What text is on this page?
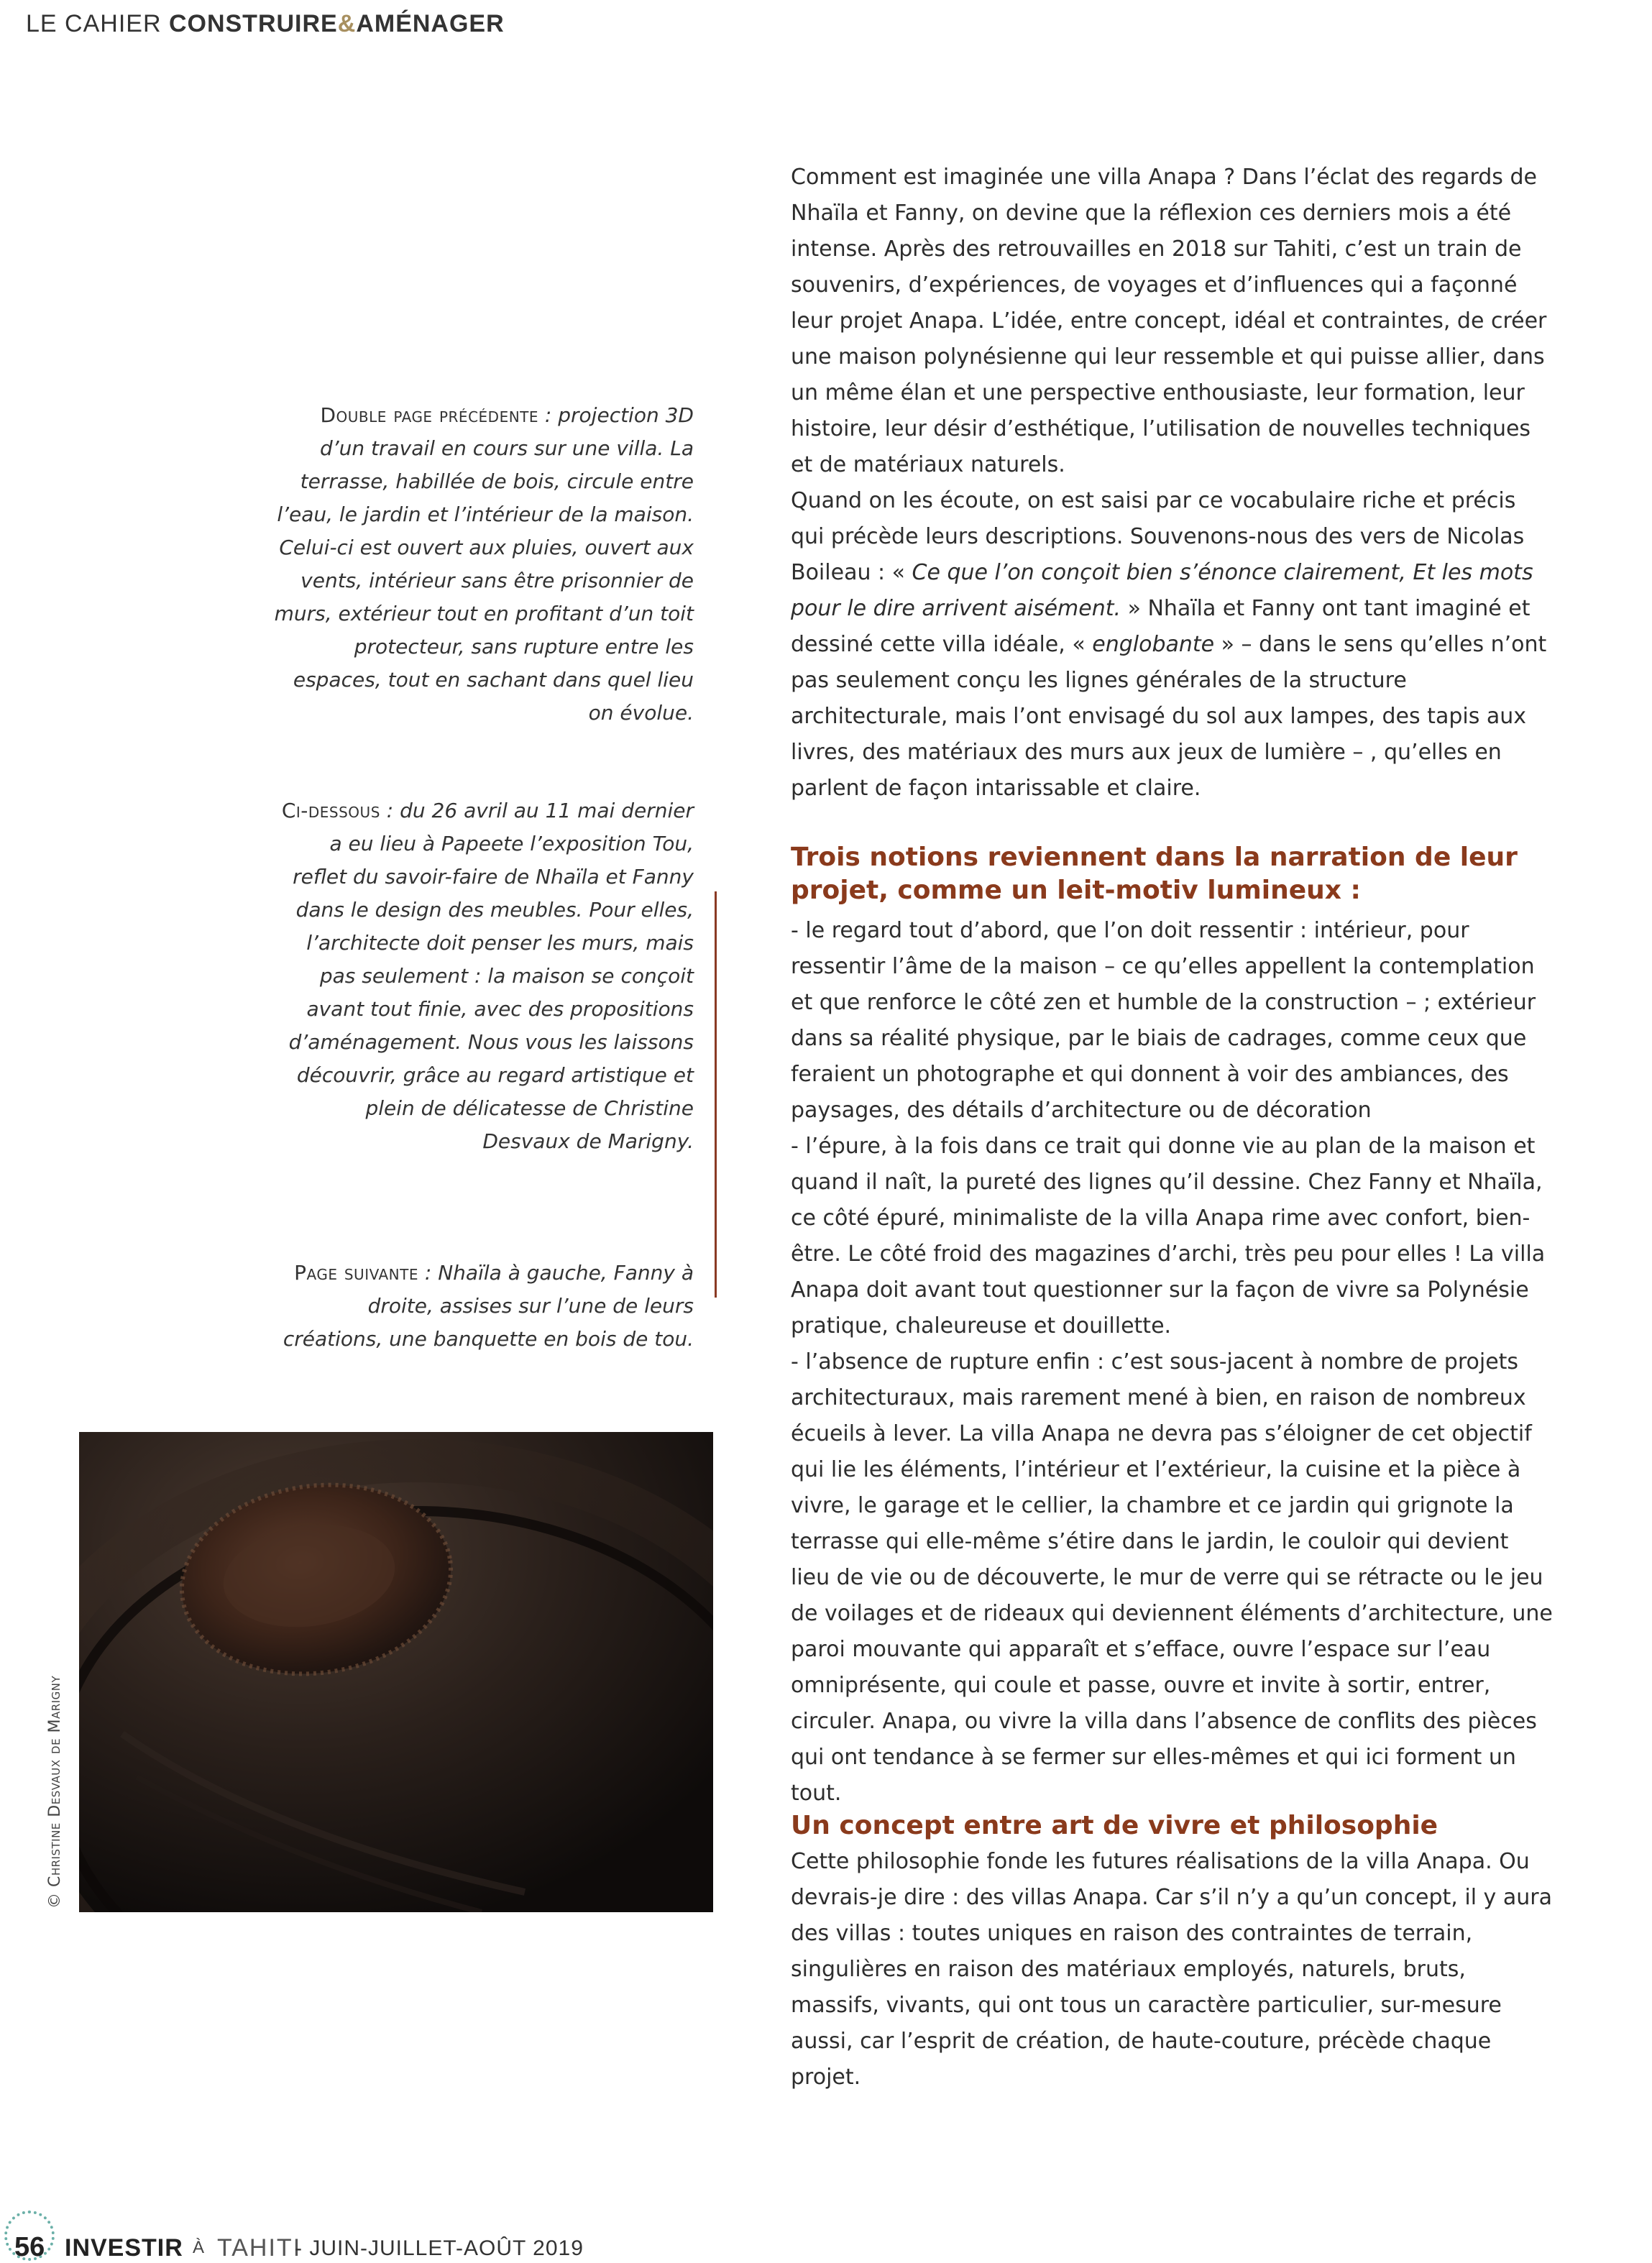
LE CAHIER CONSTRUIRE&AMÉNAGER

Double page précédente : projection 3D d’un travail en cours sur une villa. La terrasse, habillée de bois, circule entre l’eau, le jardin et l’intérieur de la maison. Celui-ci est ouvert aux pluies, ouvert aux vents, intérieur sans être prisonnier de murs, extérieur tout en profitant d’un toit protecteur, sans rupture entre les espaces, tout en sachant dans quel lieu on évolue.

Ci-dessous : du 26 avril au 11 mai dernier a eu lieu à Papeete l’exposition Tou, reflet du savoir-faire de Nhaïla et Fanny dans le design des meubles. Pour elles, l’architecte doit penser les murs, mais pas seulement : la maison se conçoit avant tout finie, avec des propositions d’aménagement. Nous vous les laissons découvrir, grâce au regard artistique et plein de délicatesse de Christine Desvaux de Marigny.

Page suivante : Nhaïla à gauche, Fanny à droite, assises sur l’une de leurs créations, une banquette en bois de tou.

© Christine Desvaux de Marigny

Comment est imaginée une villa Anapa ? Dans l’éclat des regards de Nhaïla et Fanny, on devine que la réflexion ces derniers mois a été intense. Après des retrouvailles en 2018 sur Tahiti, c’est un train de souvenirs, d’expériences, de voyages et d’influences qui a façonné leur projet Anapa. L’idée, entre concept, idéal et contraintes, de créer une maison polynésienne qui leur ressemble et qui puisse allier, dans un même élan et une perspective enthousiaste, leur formation, leur histoire, leur désir d’esthétique, l’utilisation de nouvelles techniques et de matériaux naturels.

Quand on les écoute, on est saisi par ce vocabulaire riche et précis qui précède leurs descriptions. Souvenons-nous des vers de Nicolas Boileau : « Ce que l’on conçoit bien s’énonce clairement, Et les mots pour le dire arrivent aisément. » Nhaïla et Fanny ont tant imaginé et dessiné cette villa idéale, « englobante » – dans le sens qu’elles n’ont pas seulement conçu les lignes générales de la structure architecturale, mais l’ont envisagé du sol aux lampes, des tapis aux livres, des matériaux des murs aux jeux de lumière – , qu’elles en parlent de façon intarissable et claire.

Trois notions reviennent dans la narration de leur projet, comme un leit-motiv lumineux :

- le regard tout d’abord, que l’on doit ressentir : intérieur, pour ressentir l’âme de la maison – ce qu’elles appellent la contemplation et que renforce le côté zen et humble de la construction – ; extérieur dans sa réalité physique, par le biais de cadrages, comme ceux que feraient un photographe et qui donnent à voir des ambiances, des paysages, des détails d’architecture ou de décoration

- l’épure, à la fois dans ce trait qui donne vie au plan de la maison et quand il naît, la pureté des lignes qu’il dessine. Chez Fanny et Nhaïla, ce côté épuré, minimaliste de la villa Anapa rime avec confort, bien-être. Le côté froid des magazines d’archi, très peu pour elles ! La villa Anapa doit avant tout questionner sur la façon de vivre sa Polynésie pratique, chaleureuse et douillette.

- l’absence de rupture enfin : c’est sous-jacent à nombre de projets architecturaux, mais rarement mené à bien, en raison de nombreux écueils à lever. La villa Anapa ne devra pas s’éloigner de cet objectif qui lie les éléments, l’intérieur et l’extérieur, la cuisine et la pièce à vivre, le garage et le cellier, la chambre et ce jardin qui grignote la terrasse qui elle-même s’étire dans le jardin, le couloir qui devient lieu de vie ou de découverte, le mur de verre qui se rétracte ou le jeu de voilages et de rideaux qui deviennent éléments d’architecture, une paroi mouvante qui apparaît et s’efface, ouvre l’espace sur l’eau omniprésente, qui coule et passe, ouvre et invite à sortir, entrer, circuler. Anapa, ou vivre la villa dans l’absence de conflits des pièces qui ont tendance à se fermer sur elles-mêmes et qui ici forment un tout.

Un concept entre art de vivre et philosophie

Cette philosophie fonde les futures réalisations de la villa Anapa. Ou devrais-je dire : des villas Anapa. Car s’il n’y a qu’un concept, il y aura des villas : toutes uniques en raison des contraintes de terrain, singulières en raison des matériaux employés, naturels, bruts, massifs, vivants, qui ont tous un caractère particulier, sur-mesure aussi, car l’esprit de création, de haute-couture, précède chaque projet.

56 INVESTIR À TAHITI
- JUIN-JUILLET-AOÛT 2019
